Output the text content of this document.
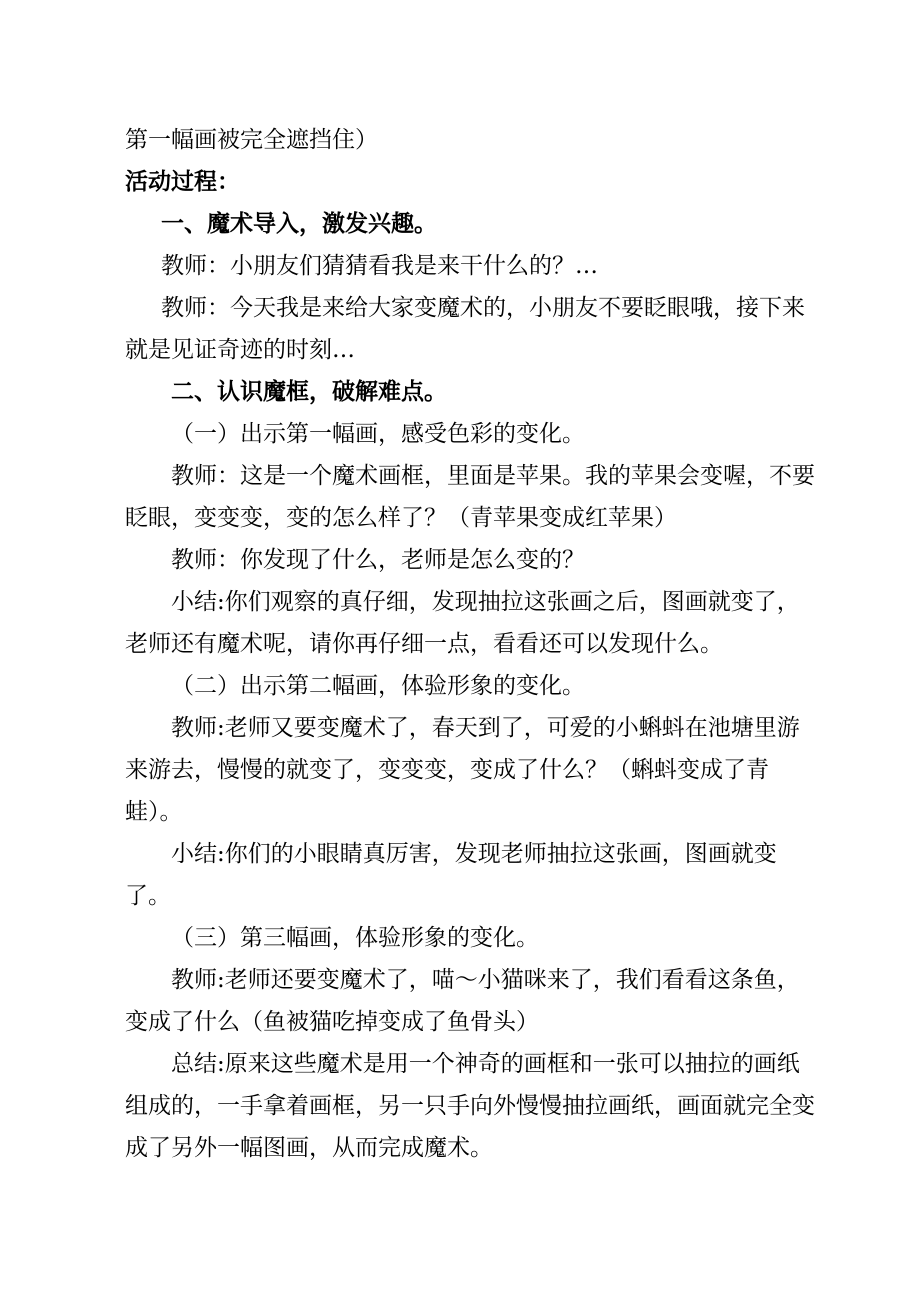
第一幅画被完全遮挡住）

活动过程：

一、魔术导入，激发兴趣。

教师：小朋友们猜猜看我是来干什么的？…

教师：今天我是来给大家变魔术的，小朋友不要眨眼哦，接下来就是见证奇迹的时刻…

二、认识魔框，破解难点。

（一）出示第一幅画，感受色彩的变化。

教师：这是一个魔术画框，里面是苹果。我的苹果会变喔，不要眨眼，变变变，变的怎么样了？（青苹果变成红苹果）

教师：你发现了什么，老师是怎么变的？

小结:你们观察的真仔细，发现抽拉这张画之后，图画就变了，老师还有魔术呢，请你再仔细一点，看看还可以发现什么。

（二）出示第二幅画，体验形象的变化。

教师:老师又要变魔术了，春天到了，可爱的小蝌蚪在池塘里游来游去，慢慢的就变了，变变变，变成了什么？（蝌蚪变成了青蛙）。

小结:你们的小眼睛真厉害，发现老师抽拉这张画，图画就变了。

（三）第三幅画，体验形象的变化。

教师:老师还要变魔术了，喵～小猫咪来了，我们看看这条鱼，变成了什么（鱼被猫吃掉变成了鱼骨头）

总结:原来这些魔术是用一个神奇的画框和一张可以抽拉的画纸组成的，一手拿着画框，另一只手向外慢慢抽拉画纸，画面就完全变成了另外一幅图画，从而完成魔术。
